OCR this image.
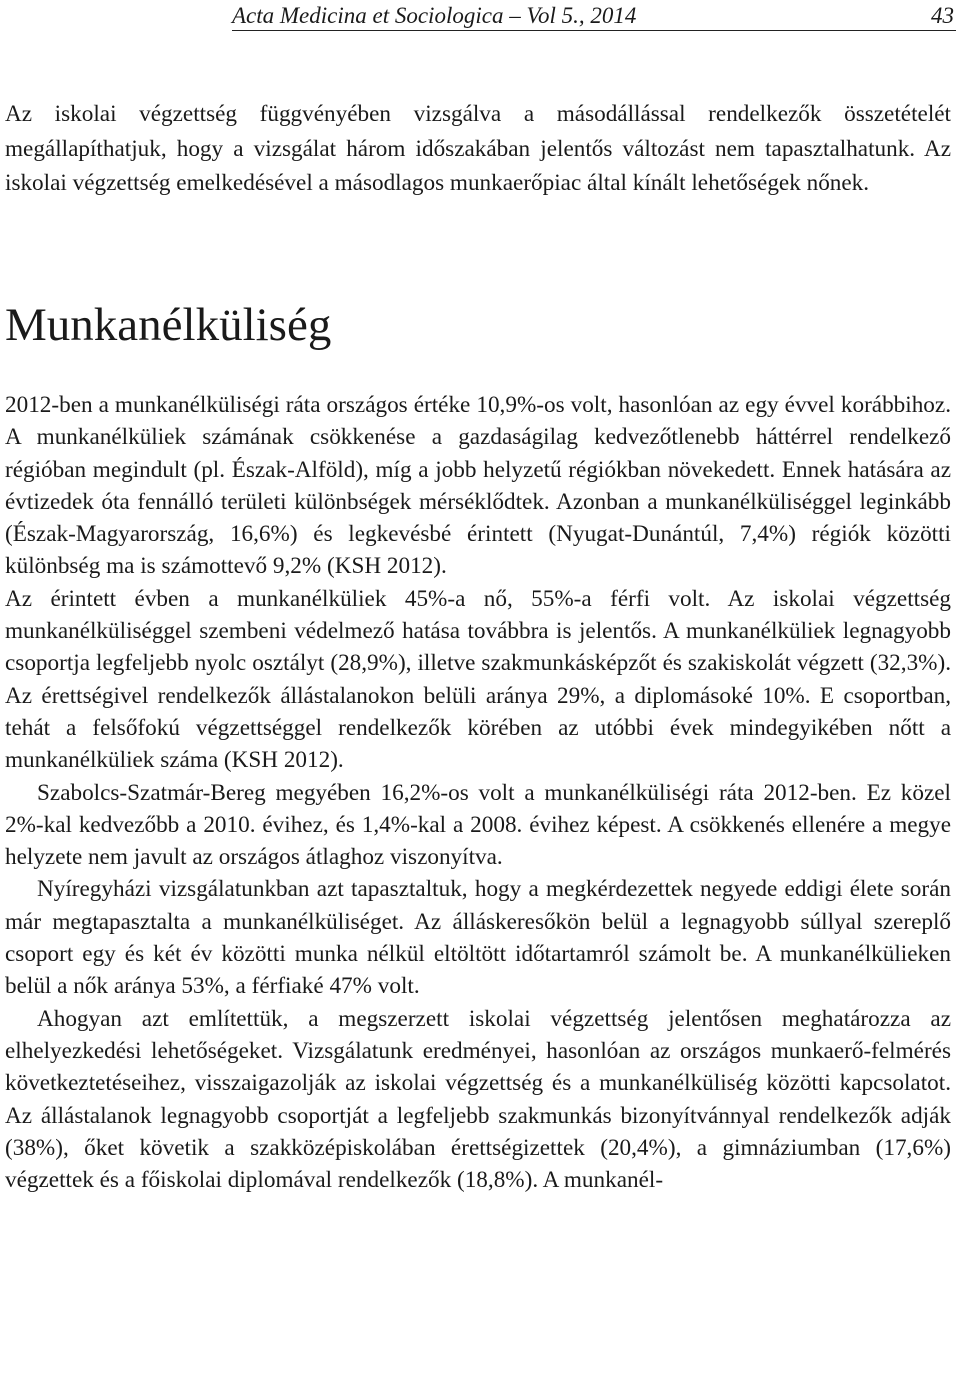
Acta Medicina et Sociologica – Vol 5., 2014	43

Az iskolai végzettség függvényében vizsgálva a másodállással rendelkezők összetételét megállapíthatjuk, hogy a vizsgálat három időszakában jelentős változást nem tapasztalhatunk. Az iskolai végzettség emelkedésével a másodlagos munkaerőpiac által kínált lehetőségek nőnek.

Munkanélküliség

2012-ben a munkanélküliségi ráta országos értéke 10,9%-os volt, hasonlóan az egy évvel korábbihoz. A munkanélküliek számának csökkenése a gazdaságilag kedvezőtlenebb háttérrel rendelkező régióban megindult (pl. Észak-Alföld), míg a jobb helyzetű régiókban növekedett. Ennek hatására az évtizedek óta fennálló területi különbségek mérséklődtek. Azonban a munkanélküliséggel leginkább (Észak-Magyarország, 16,6%) és legkevésbé érintett (Nyugat-Dunántúl, 7,4%) régiók közötti különbség ma is számottevő 9,2% (KSH 2012).

Az érintett évben a munkanélküliek 45%-a nő, 55%-a férfi volt. Az iskolai végzettség munkanélküliséggel szembeni védelmező hatása továbbra is jelentős. A munkanélküliek legnagyobb csoportja legfeljebb nyolc osztályt (28,9%), illetve szakmunkásképzőt és szakiskolát végzett (32,3%). Az érettségivel rendelkezők állástalanokon belüli aránya 29%, a diplomásoké 10%. E csoportban, tehát a felsőfokú végzettséggel rendelkezők körében az utóbbi évek mindegyikében nőtt a munkanélküliek száma (KSH 2012).

Szabolcs-Szatmár-Bereg megyében 16,2%-os volt a munkanélküliségi ráta 2012-ben. Ez közel 2%-kal kedvezőbb a 2010. évihez, és 1,4%-kal a 2008. évihez képest. A csökkenés ellenére a megye helyzete nem javult az országos átlaghoz viszonyítva.

Nyíregyházi vizsgálatunkban azt tapasztaltuk, hogy a megkérdezettek negyede eddigi élete során már megtapasztalta a munkanélküliséget. Az álláskeresőkön belül a legnagyobb súllyal szereplő csoport egy és két év közötti munka nélkül eltöltött időtartamról számolt be. A munkanélkülieken belül a nők aránya 53%, a férfiaké 47% volt.

Ahogyan azt említettük, a megszerzett iskolai végzettség jelentősen meghatározza az elhelyezkedési lehetőségeket. Vizsgálatunk eredményei, hasonlóan az országos munkaerő-felmérés következtetéseihez, visszaigazolják az iskolai végzettség és a munkanélküliség közötti kapcsolatot. Az állástalanok legnagyobb csoportját a legfeljebb szakmunkás bizonyítvánnyal rendelkezők adják (38%), őket követik a szakközépiskolában érettségizettek (20,4%), a gimnáziumban (17,6%) végzettek és a főiskolai diplomával rendelkezők (18,8%). A munkanél-
